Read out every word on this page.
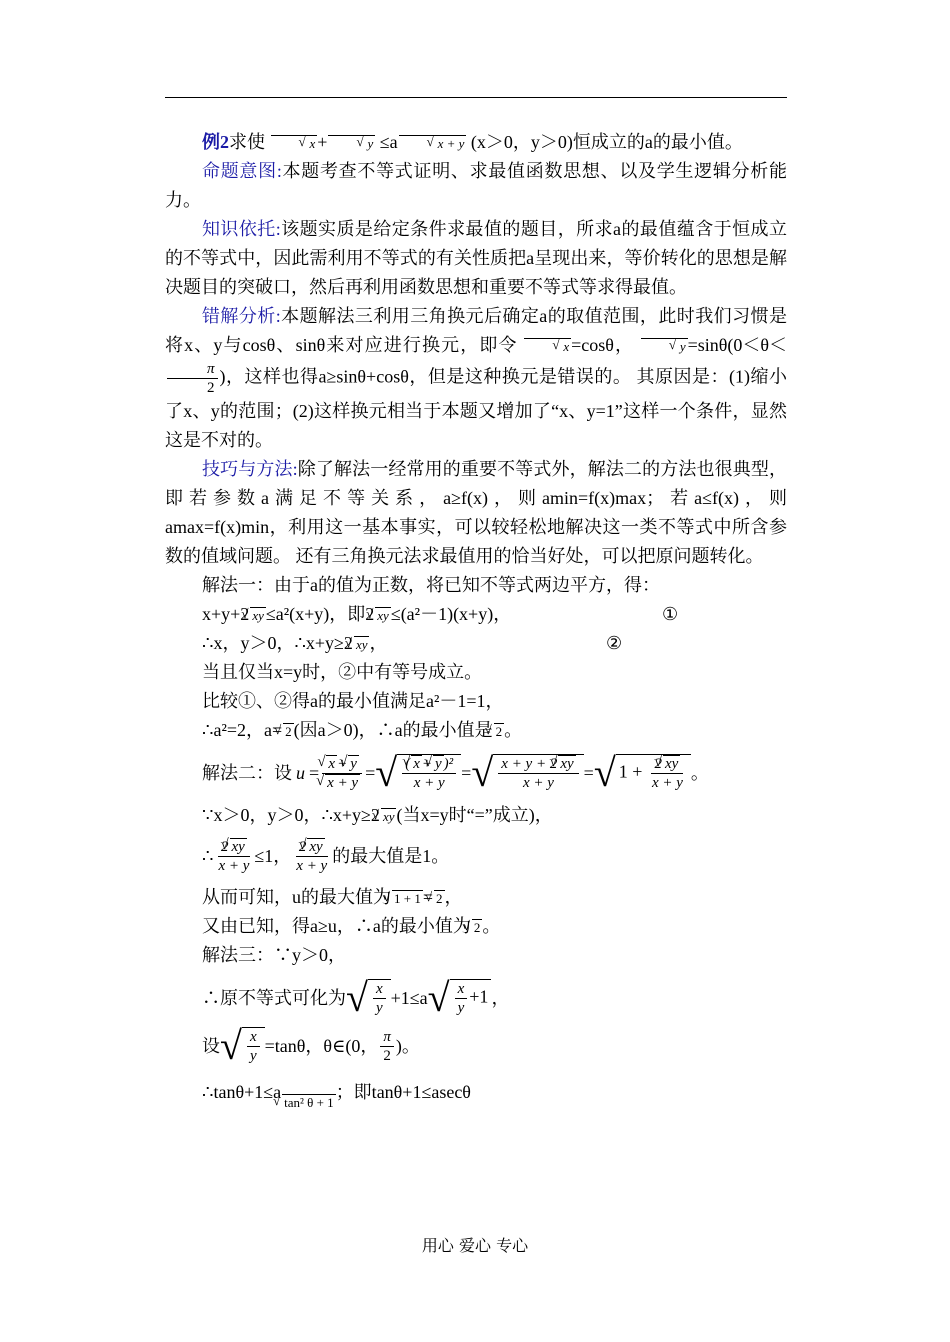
例2求使	√ x +	√ y ≤a	√ x + y (x＞0，y＞0)恒成立的a的最小值。

命题意图:本题考查不等式证明、求最值函数思想、以及学生逻辑分析能力。

知识依托:该题实质是给定条件求最值的题目，所求a的最值蕴含于恒成立的不等式中，因此需利用不等式的有关性质把a呈现出来，等价转化的思想是解决题目的突破口，然后再利用函数思想和重要不等式等求得最值。

错解分析:本题解法三利用三角换元后确定a的取值范围，此时我们习惯是将x、y与cosθ、sinθ来对应进行换元，即令	√ x =cosθ，	√ y =sinθ(0＜θ＜
$\frac{\pi}{2}$ )，这样也得a≥sinθ+cosθ，但是这种换元是错误的。 其原因是：(1)缩小了x、y的范围；(2)这样换元相当于本题又增加了“x、y=1”这样一个条件，显然这是不对的。

技巧与方法:除了解法一经常用的重要不等式外，解法二的方法也很典型，即若参数a满足不等关系，a≥f(x)，则amin=f(x)max；若a≤f(x)，则amax=f(x)min，利用这一基本事实，可以较轻松地解决这一类不等式中所含参数的值域问题。 还有三角换元法求最值用的恰当好处，可以把原问题转化。

解法一：由于a的值为正数，将已知不等式两边平方，得：

x+y+2 √ xy ≤a²(x+y)，即2 √ xy ≤(a²－1)(x+y)，	①

∴x，y＞0，∴x+y≥2 √ xy ，	②

当且仅当x=y时，②中有等号成立。

比较①、②得a的最小值满足a²－1=1，

∴a²=2，a= √ 2 (因a＞0)，∴a的最小值是 √ 2 。

解法二：设 u = √ x + √ y
√ x + y = √ $\frac{\text{( √ x + √ y )²}}{x + y}$ = √ $\frac{x + y + 2 √ xy}{x + y}$ = √ $1 + \frac{2 √ xy}{x + y}$ 。

∵x＞0，y＞0，∴x+y≥2 √ xy (当x=y时“=”成立)，

∴ $\frac{2 √ xy}{x + y} \le 1$， $\frac{2 √ xy}{x + y}$ 的最大值是1。

从而可知，u的最大值为 √ 1 + 1 = √ 2 ，

又由已知，得a≥u，∴a的最小值为 √ 2 。

解法三：∵y＞0，

∴原不等式可化为 √ $\frac{x}{y} +1\le a$ √ $\frac{x}{y} +1$ ，
设 √ $\frac{x}{y} =\tan\theta$，θ∈(0， $\frac{\pi}{2}$ )。
∴tanθ+1≤a
√ tan² θ + 1
；即tanθ+1≤asecθ
用心 爱心 专心
